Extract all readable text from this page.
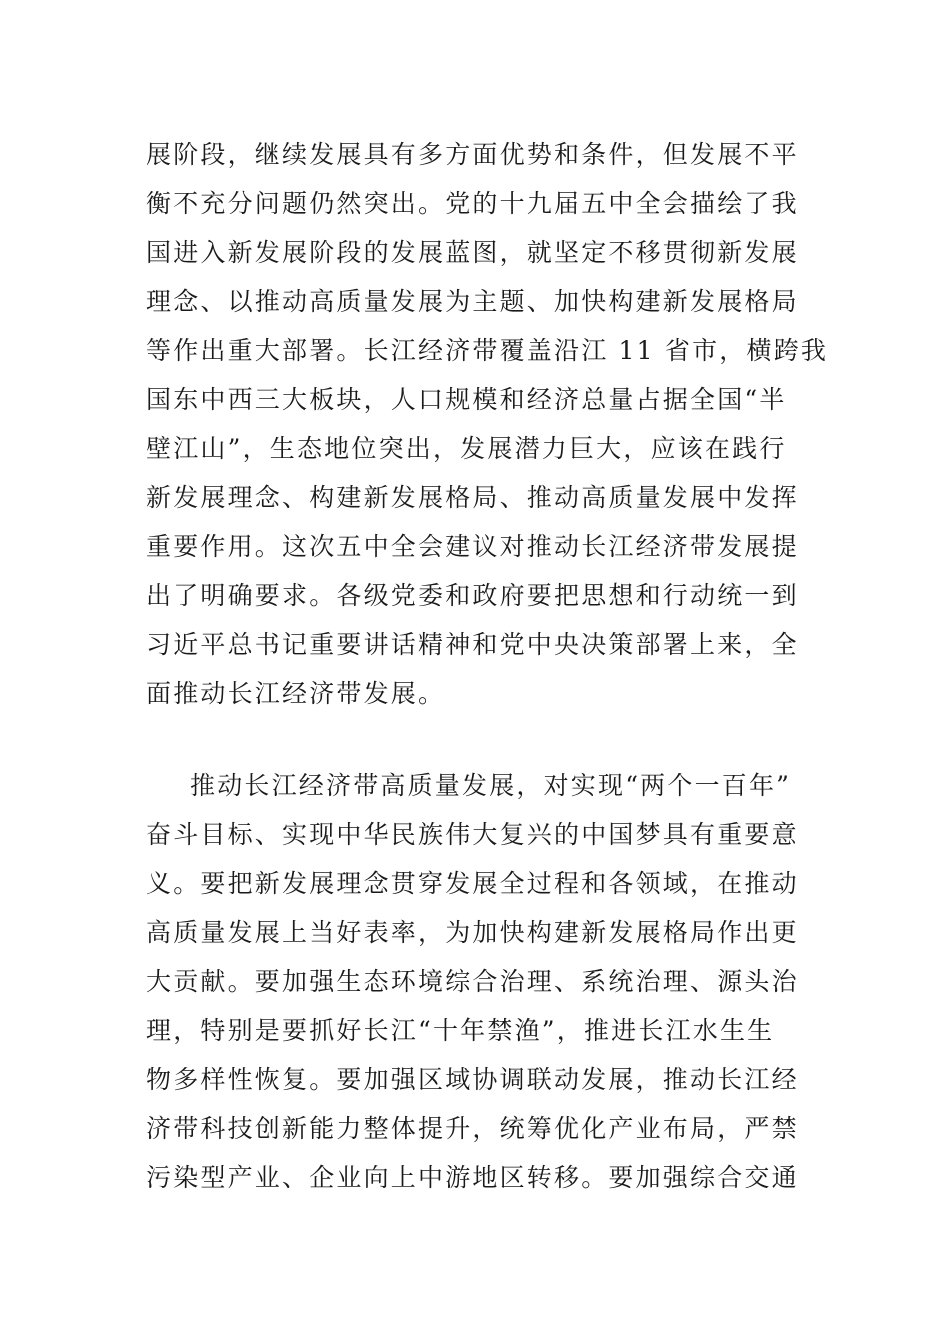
展阶段，继续发展具有多方面优势和条件，但发展不平
衡不充分问题仍然突出。党的十九届五中全会描绘了我
国进入新发展阶段的发展蓝图，就坚定不移贯彻新发展
理念、以推动高质量发展为主题、加快构建新发展格局
等作出重大部署。长江经济带覆盖沿江 11 省市，横跨我
国东中西三大板块，人口规模和经济总量占据全国“半
壁江山”，生态地位突出，发展潜力巨大，应该在践行
新发展理念、构建新发展格局、推动高质量发展中发挥
重要作用。这次五中全会建议对推动长江经济带发展提
出了明确要求。各级党委和政府要把思想和行动统一到
习近平总书记重要讲话精神和党中央决策部署上来，全
面推动长江经济带发展。
推动长江经济带高质量发展，对实现“两个一百年”
奋斗目标、实现中华民族伟大复兴的中国梦具有重要意
义。要把新发展理念贯穿发展全过程和各领域，在推动
高质量发展上当好表率，为加快构建新发展格局作出更
大贡献。要加强生态环境综合治理、系统治理、源头治
理，特别是要抓好长江“十年禁渔”，推进长江水生生
物多样性恢复。要加强区域协调联动发展，推动长江经
济带科技创新能力整体提升，统筹优化产业布局，严禁
污染型产业、企业向上中游地区转移。要加强综合交通
